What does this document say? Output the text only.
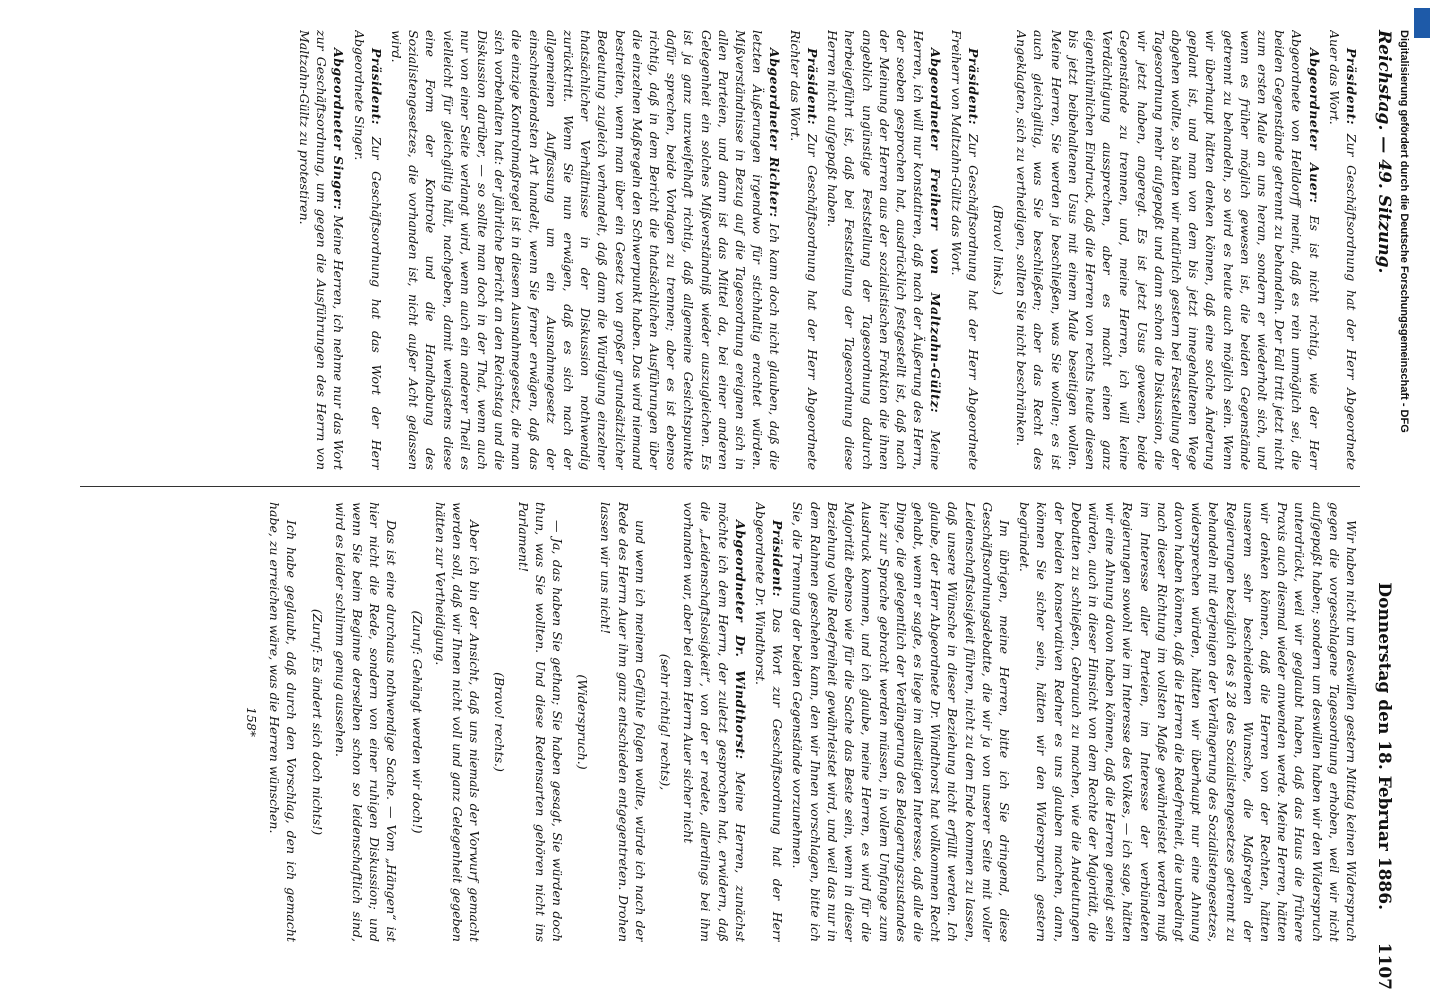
Reichstag. — 49. Sitzung.
Donnerstag den 18. Februar 1886.
1107

Präsident: Zur Geschäftsordnung hat der Herr Abgeordnete Auer das Wort.

Abgeordneter Auer: Es ist nicht richtig, wie der Herr Abgeordnete von Helldorff meint, daß es rein unmöglich sei, die beiden Gegenstände getrennt zu behandeln. Der Fall tritt jetzt nicht zum ersten Male an uns heran, sondern er wiederholt sich, und wenn es früher möglich gewesen ist, die beiden Gegenstände getrennt zu behandeln, so wird es heute auch möglich sein. Wenn wir überhaupt hätten denken können, daß eine solche Änderung geplant ist, und man von dem bis jetzt innegehaltenen Wege abgehen wollte, so hätten wir natürlich gestern bei Feststellung der Tagesordnung mehr aufgepaßt und dann schon die Diskussion, die wir jetzt haben, angeregt. Es ist jetzt Usus gewesen, beide Gegenstände zu trennen, und, meine Herren, ich will keine Verdächtigung aussprechen, aber es macht einen ganz eigenthümlichen Eindruck, daß die Herren von rechts heute diesen bis jetzt beibehaltenen Usus mit einem Male beseitigen wollen. Meine Herren, Sie werden ja beschließen, was Sie wollen; es ist auch gleichgiltig, was Sie beschließen; aber das Recht des Angeklagten, sich zu vertheidigen, sollten Sie nicht beschränken.

(Bravo! links.)

Präsident: Zur Geschäftsordnung hat der Herr Abgeordnete Freiherr von Maltzahn-Gültz das Wort.

Abgeordneter Freiherr von Maltzahn-Gültz: Meine Herren, ich will nur konstatiren, daß nach der Äußerung des Herrn, der soeben gesprochen hat, ausdrücklich festgestellt ist, daß nach der Meinung der Herren aus der sozialistischen Fraktion die ihnen angeblich ungünstige Feststellung der Tagesordnung dadurch herbeigeführt ist, daß bei Feststellung der Tagesordnung diese Herren nicht aufgepaßt haben.

Präsident: Zur Geschäftsordnung hat der Herr Abgeordnete Richter das Wort.

Abgeordneter Richter: Ich kann doch nicht glauben, daß die letzten Äußerungen irgendwo für stichhaltig erachtet würden. Mißverständnisse in Bezug auf die Tagesordnung ereignen sich in allen Parteien, und dann ist das Mittel da, bei einer anderen Gelegenheit ein solches Mißverständniß wieder auszugleichen. Es ist ja ganz unzweifelhaft richtig, daß allgemeine Gesichtspunkte dafür sprechen, beide Vorlagen zu trennen; aber es ist ebenso richtig, daß in dem Bericht die thatsächlichen Ausführungen über die einzelnen Maßregeln den Schwerpunkt haben. Das wird niemand bestreiten, wenn man über ein Gesetz von großer grundsätzlicher Bedeutung zugleich verhandelt, daß dann die Würdigung einzelner thatsächlicher Verhältnisse in der Diskussion nothwendig zurücktritt. Wenn Sie nun erwägen, daß es sich nach der allgemeinen Auffassung um ein Ausnahmegesetz der einschneidendsten Art handelt, wenn Sie ferner erwägen, daß das die einzige Kontrolmaßregel ist in diesem Ausnahmegesetz, die man sich vorbehalten hat: der jährliche Bericht an den Reichstag und die Diskussion darüber, — so sollte man doch in der That, wenn auch nur von einer Seite verlangt wird, wenn auch ein anderer Theil es vielleicht für gleichgiltig hält, nachgeben, damit wenigstens diese eine Form der Kontrole und die Handhabung des Sozialistengesetzes, die vorhanden ist, nicht außer Acht gelassen wird.

Präsident: Zur Geschäftsordnung hat das Wort der Herr Abgeordnete Singer.

Abgeordneter Singer: Meine Herren, ich nehme nur das Wort zur Geschäftsordnung, um gegen die Ausführungen des Herrn von Maltzahn-Gültz zu protestiren.

Wir haben nicht um deswillen gestern Mittag keinen Widerspruch gegen die vorgeschlagene Tagesordnung erhoben, weil wir nicht aufgepaßt haben; sondern um deswillen haben wir den Widerspruch unterdrückt, weil wir geglaubt haben, daß das Haus die frühere Praxis auch diesmal wieder anwenden werde. Meine Herren, hätten wir denken können, daß die Herren von der Rechten, hätten unserem sehr bescheidenen Wunsche, die Maßregeln der Regierungen bezüglich des § 28 des Sozialistengesetzes getrennt zu behandeln mit derjenigen der Verlängerung des Sozialistengesetzes, widersprechen würden, hätten wir überhaupt nur eine Ahnung davon haben können, daß die Herren die Redefreiheit, die unbedingt nach dieser Richtung im vollsten Maße gewährleistet werden muß im Interesse aller Parteien, im Interesse der verbündeten Regierungen sowohl wie im Interesse des Volkes, — ich sage, hätten wir eine Ahnung davon haben können, daß die Herren geneigt sein würden, auch in dieser Hinsicht von dem Rechte der Majorität, die Debatten zu schließen, Gebrauch zu machen, wie die Andeutungen der beiden konservativen Redner es uns glauben machen, dann, können Sie sicher sein, hätten wir den Widerspruch gestern begründet.

Im übrigen, meine Herren, bitte ich Sie dringend, diese Geschäftsordnungsdebatte, die wir ja von unserer Seite mit voller Leidenschaftslosigkeit führen, nicht zu dem Ende kommen zu lassen, daß unsere Wünsche in dieser Beziehung nicht erfüllt werden. Ich glaube, der Herr Abgeordnete Dr. Windthorst hat vollkommen Recht gehabt, wenn er sagte, es liege im allseitigen Interesse, daß alle die Dinge, die gelegentlich der Verlängerung des Belagerungszustandes hier zur Sprache gebracht werden müssen, in vollem Umfange zum Ausdruck kommen, und ich glaube, meine Herren, es wird für die Majorität ebenso wie für die Sache das Beste sein, wenn in dieser Beziehung volle Redefreiheit gewährleistet wird, und weil das nur in dem Rahmen geschehen kann, den wir Ihnen vorschlagen, bitte ich Sie, die Trennung der beiden Gegenstände vorzunehmen.

Präsident: Das Wort zur Geschäftsordnung hat der Herr Abgeordnete Dr. Windthorst.

Abgeordneter Dr. Windthorst: Meine Herren, zunächst möchte ich dem Herrn, der zuletzt gesprochen hat, erwidern, daß die „Leidenschaftslosigkeit“, von der er redete, allerdings bei ihm vorhanden war, aber bei dem Herrn Auer sicher nicht

(sehr richtig! rechts),

und wenn ich meinem Gefühle folgen wollte, würde ich nach der Rede des Herrn Auer ihm ganz entschieden entgegentreten. Drohen lassen wir uns nicht!

(Widerspruch.)

— Ja, das haben Sie gethan; Sie haben gesagt, Sie würden doch thun, was Sie wollten. Und diese Redensarten gehören nicht ins Parlament!

(Bravo! rechts.)

Aber ich bin der Ansicht, daß uns niemals der Vorwurf gemacht werden soll, daß wir Ihnen nicht voll und ganz Gelegenheit gegeben hätten zur Vertheidigung.

(Zuruf: Gehängt werden wir doch!)

Das ist eine durchaus nothwendige Sache. — Vom „Hängen“ ist hier nicht die Rede, sondern von einer ruhigen Diskussion; und wenn Sie beim Beginne derselben schon so leidenschaftlich sind, wird es leider schlimm genug aussehen.

(Zuruf: Es ändert sich doch nichts!)

Ich habe geglaubt, daß durch den Vorschlag, den ich gemacht habe, zu erreichen wäre, was die Herren wünschen.

158*
Digitalisierung gefördert durch die Deutsche Forschungsgemeinschaft - DFG
